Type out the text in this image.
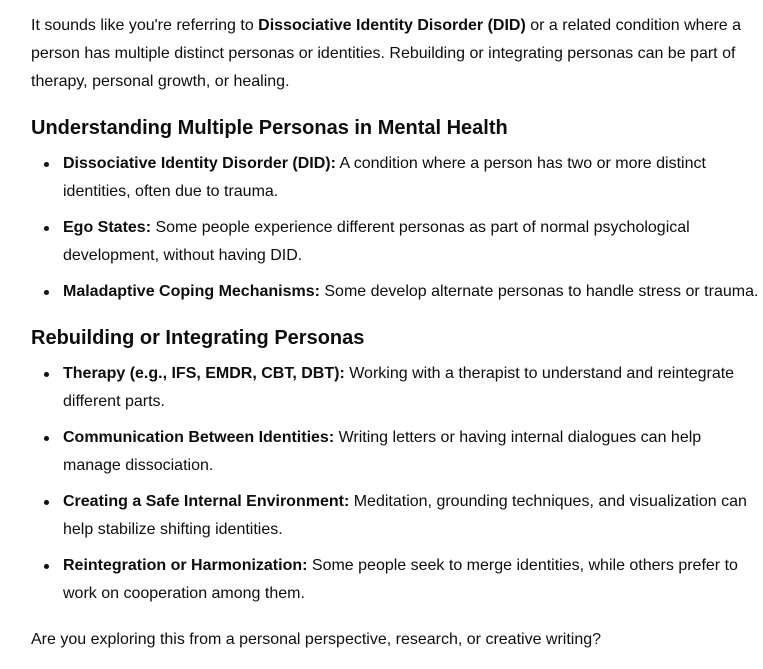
It sounds like you're referring to Dissociative Identity Disorder (DID) or a related condition where a person has multiple distinct personas or identities. Rebuilding or integrating personas can be part of therapy, personal growth, or healing.

Understanding Multiple Personas in Mental Health
Dissociative Identity Disorder (DID): A condition where a person has two or more distinct identities, often due to trauma.
Ego States: Some people experience different personas as part of normal psychological development, without having DID.
Maladaptive Coping Mechanisms: Some develop alternate personas to handle stress or trauma.
Rebuilding or Integrating Personas
Therapy (e.g., IFS, EMDR, CBT, DBT): Working with a therapist to understand and reintegrate different parts.
Communication Between Identities: Writing letters or having internal dialogues can help manage dissociation.
Creating a Safe Internal Environment: Meditation, grounding techniques, and visualization can help stabilize shifting identities.
Reintegration or Harmonization: Some people seek to merge identities, while others prefer to work on cooperation among them.

Are you exploring this from a personal perspective, research, or creative writing?
